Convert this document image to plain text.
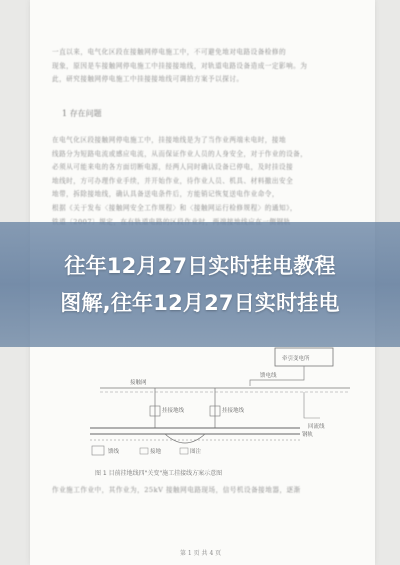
一直以来，电气化区段在接触网停电施工中，不可避免地对电路设备检修的

现象，原因是车接触网停电施工中挂接接地线，对轨道电路设备造成一定影响。为

此，研究接触网停电施工中挂接接地线可调拍方案予以探讨。

1 存在问题

在电气化区段接触网停电施工中，挂接地线是为了当作业两端未电时，接地

线路分为短路电流或感应电流，从而保证作业人员的人身安全，对于作业的设备，

必须从可能来电的各方面切断电源，经两人同时确认设备已停电，及时挂设接

地线时，方可办理作业手续，并开始作业，待作业人员、机具、材料撤出安全

地带，拆除接地线，确认具备送电条件后，方能销记恢复送电作业命令，

根据《关于发布〈接触网安全工作规程〉和〈接触网运行检修规程〉的通知》，

往年12月27日实时挂电教程
图解,往年12月27日实时挂电
牵引变电所
馈电线
接触网
挂接地线	挂接地线
回流线
钢轨
馈线	接地	图注
图 1 目前挂地线四"关变"施工挂接线方案示意图

作业施工作业中，其作业为，25kV 接触网电路现场，信号机设备接地器，逐渐

第 1 页 共 4 页
